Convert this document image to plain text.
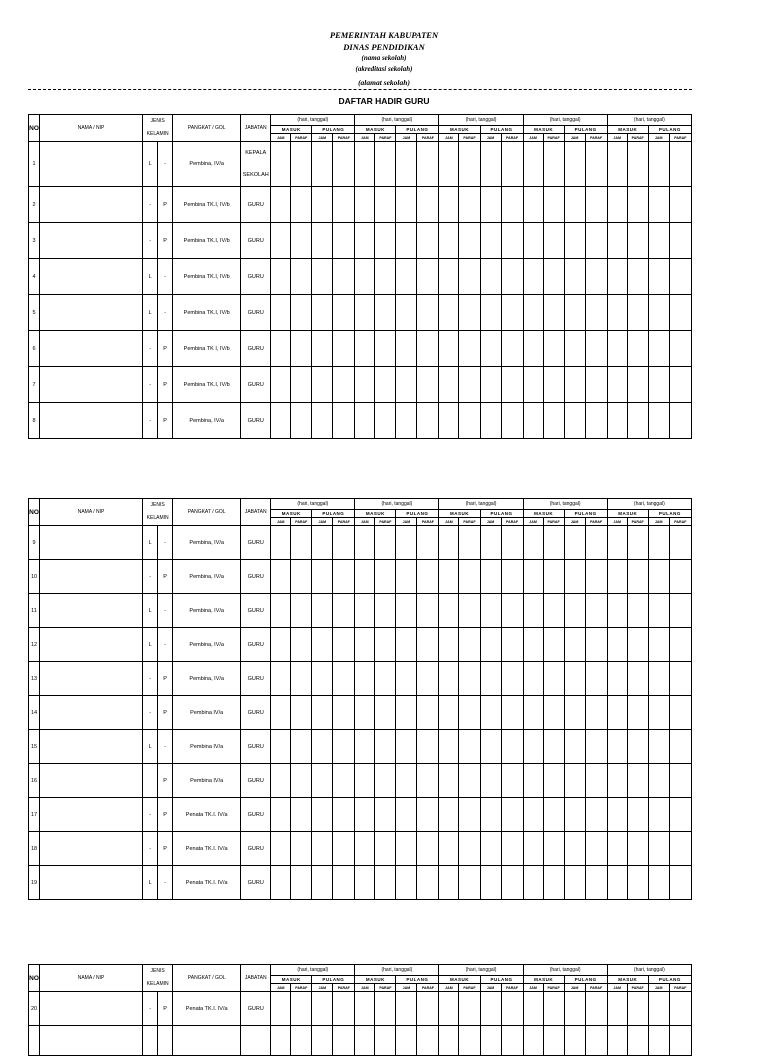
PEMERINTAH KABUPATEN
DINAS PENDIDIKAN
(nama sekolah)
(akreditasi sekolah)
(alamat sekolah)
DAFTAR HADIR GURU
NO	NAMA / NIP	JENIS
KELAMIN		PANGKAT / GOL	JABATAN	(hari, tanggal)				(hari, tanggal)				(hari, tanggal)				(hari, tanggal)				(hari, tanggal)			
						MASUK		PULANG		MASUK		PULANG		MASUK		PULANG		MASUK		PULANG		MASUK		PULANG	
						JAM	PARAF	JAM	PARAF	JAM	PARAF	JAM	PARAF	JAM	PARAF	JAM	PARAF	JAM	PARAF	JAM	PARAF	JAM	PARAF	JAM	PARAF
1		L	-	Pembina, IV/a	KEPALA
SEKOLAH																				

2		-	P	Pembina TK.I, IV/b	GURU																				
3		-	P	Pembina TK.I, IV/b	GURU																				
4		L	-	Pembina TK.I, IV/b	GURU																				
5		L	-	Pembina TK.I, IV/b	GURU																				
6		-	P	Pembina TK I, IV/b	GURU																				
7		-	P	Pembina TK.I, IV/b	GURU																				
8		-	P	Pembina, IV/a	GURU																				
NO	NAMA / NIP	JENIS
KELAMIN		PANGKAT / GOL	JABATAN	(hari, tanggal)				(hari, tanggal)				(hari, tanggal)				(hari, tanggal)				(hari, tanggal)			
						MASUK		PULANG		MASUK		PULANG		MASUK		PULANG		MASUK		PULANG		MASUK		PULANG	
						JAM	PARAF	JAM	PARAF	JAM	PARAF	JAM	PARAF	JAM	PARAF	JAM	PARAF	JAM	PARAF	JAM	PARAF	JAM	PARAF	JAM	PARAF
9		L	-	Pembina, IV/a	GURU																				
10		-	P	Pembina, IV/a	GURU																				
11		L	-	Pembina, IV/a	GURU																				
12		L	-	Pembina, IV/a	GURU																				
13		-	P	Pembina, IV/a	GURU																				
14		-	P	Pembina IV/a	GURU																				
15		L	-	Pembina IV/a	GURU																				
16			P	Pembina IV/a	GURU																				
17		-	P	Penata TK.I. IV/a	GURU																				
18		-	P	Penata TK.I. IV/a	GURU																				
19		L	-	Penata TK.I. IV/a	GURU																				
NO	NAMA / NIP	JENIS
KELAMIN		PANGKAT / GOL	JABATAN	(hari, tanggal)				(hari, tanggal)				(hari, tanggal)				(hari, tanggal)				(hari, tanggal)			
						MASUK		PULANG		MASUK		PULANG		MASUK		PULANG		MASUK		PULANG		MASUK		PULANG	
						JAM	PARAF	JAM	PARAF	JAM	PARAF	JAM	PARAF	JAM	PARAF	JAM	PARAF	JAM	PARAF	JAM	PARAF	JAM	PARAF	JAM	PARAF
20		-	P	Penata TK.I. IV/a	GURU																				
